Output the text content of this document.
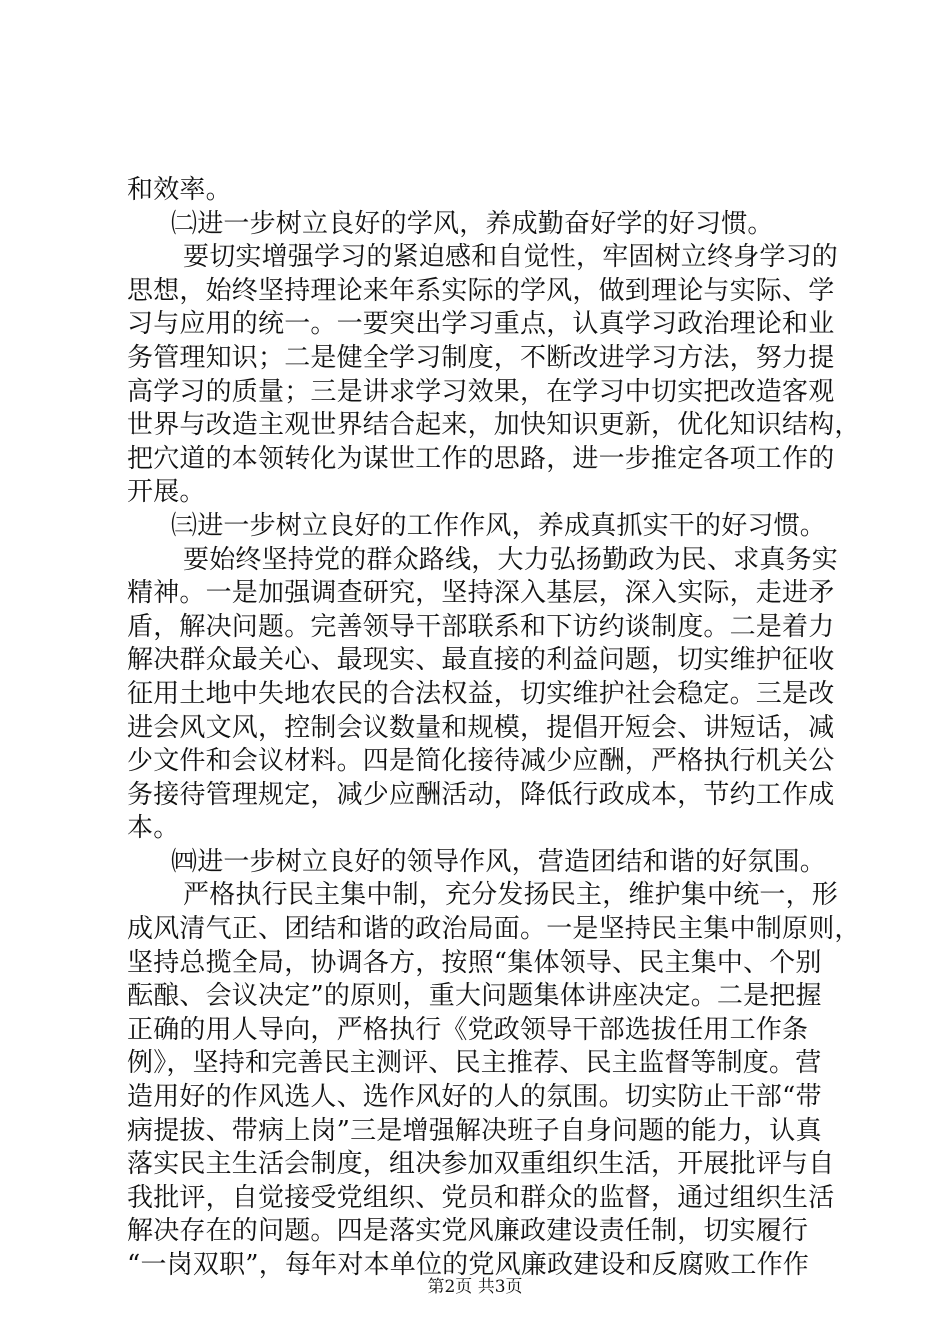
和效率。
㈡进一步树立良好的学风，养成勤奋好学的好习惯。
要切实增强学习的紧迫感和自觉性，牢固树立终身学习的
思想，始终坚持理论来年系实际的学风，做到理论与实际、学
习与应用的统一。一要突出学习重点，认真学习政治理论和业
务管理知识；二是健全学习制度，不断改进学习方法，努力提
高学习的质量；三是讲求学习效果，在学习中切实把改造客观
世界与改造主观世界结合起来，加快知识更新，优化知识结构，
把穴道的本领转化为谋世工作的思路，进一步推定各项工作的
开展。
㈢进一步树立良好的工作作风，养成真抓实干的好习惯。
要始终坚持党的群众路线，大力弘扬勤政为民、求真务实
精神。一是加强调查研究，坚持深入基层，深入实际，走进矛
盾，解决问题。完善领导干部联系和下访约谈制度。二是着力
解决群众最关心、最现实、最直接的利益问题，切实维护征收
征用土地中失地农民的合法权益，切实维护社会稳定。三是改
进会风文风，控制会议数量和规模，提倡开短会、讲短话，减
少文件和会议材料。四是简化接待减少应酬，严格执行机关公
务接待管理规定，减少应酬活动，降低行政成本，节约工作成
本。
㈣进一步树立良好的领导作风，营造团结和谐的好氛围。
严格执行民主集中制，充分发扬民主，维护集中统一，形
成风清气正、团结和谐的政治局面。一是坚持民主集中制原则，
坚持总揽全局，协调各方，按照“集体领导、民主集中、个别
酝酿、会议决定”的原则，重大问题集体讲座决定。二是把握
正确的用人导向，严格执行《党政领导干部选拔任用工作条
例》，坚持和完善民主测评、民主推荐、民主监督等制度。营
造用好的作风选人、选作风好的人的氛围。切实防止干部“带
病提拔、带病上岗”三是增强解决班子自身问题的能力，认真
落实民主生活会制度，组决参加双重组织生活，开展批评与自
我批评，自觉接受党组织、党员和群众的监督，通过组织生活
解决存在的问题。四是落实党风廉政建设责任制，切实履行
“一岗双职”，每年对本单位的党风廉政建设和反腐败工作作
第2页 共3页
